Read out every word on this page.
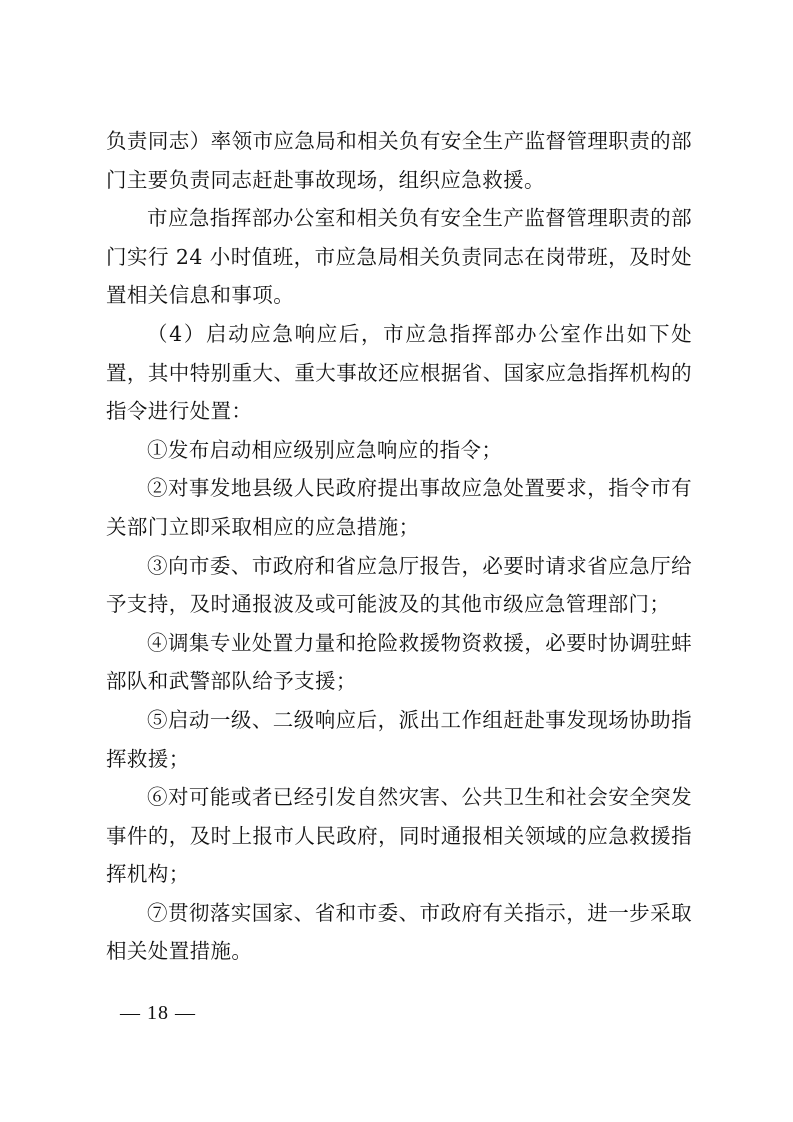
负责同志）率领市应急局和相关负有安全生产监督管理职责的部门主要负责同志赶赴事故现场，组织应急救援。

市应急指挥部办公室和相关负有安全生产监督管理职责的部门实行 24 小时值班，市应急局相关负责同志在岗带班，及时处置相关信息和事项。

（4）启动应急响应后，市应急指挥部办公室作出如下处置，其中特别重大、重大事故还应根据省、国家应急指挥机构的指令进行处置：

①发布启动相应级别应急响应的指令；

②对事发地县级人民政府提出事故应急处置要求，指令市有关部门立即采取相应的应急措施；

③向市委、市政府和省应急厅报告，必要时请求省应急厅给予支持，及时通报波及或可能波及的其他市级应急管理部门；

④调集专业处置力量和抢险救援物资救援，必要时协调驻蚌部队和武警部队给予支援；

⑤启动一级、二级响应后，派出工作组赶赴事发现场协助指挥救援；

⑥对可能或者已经引发自然灾害、公共卫生和社会安全突发事件的，及时上报市人民政府，同时通报相关领域的应急救援指挥机构；

⑦贯彻落实国家、省和市委、市政府有关指示，进一步采取相关处置措施。

— 18 —
